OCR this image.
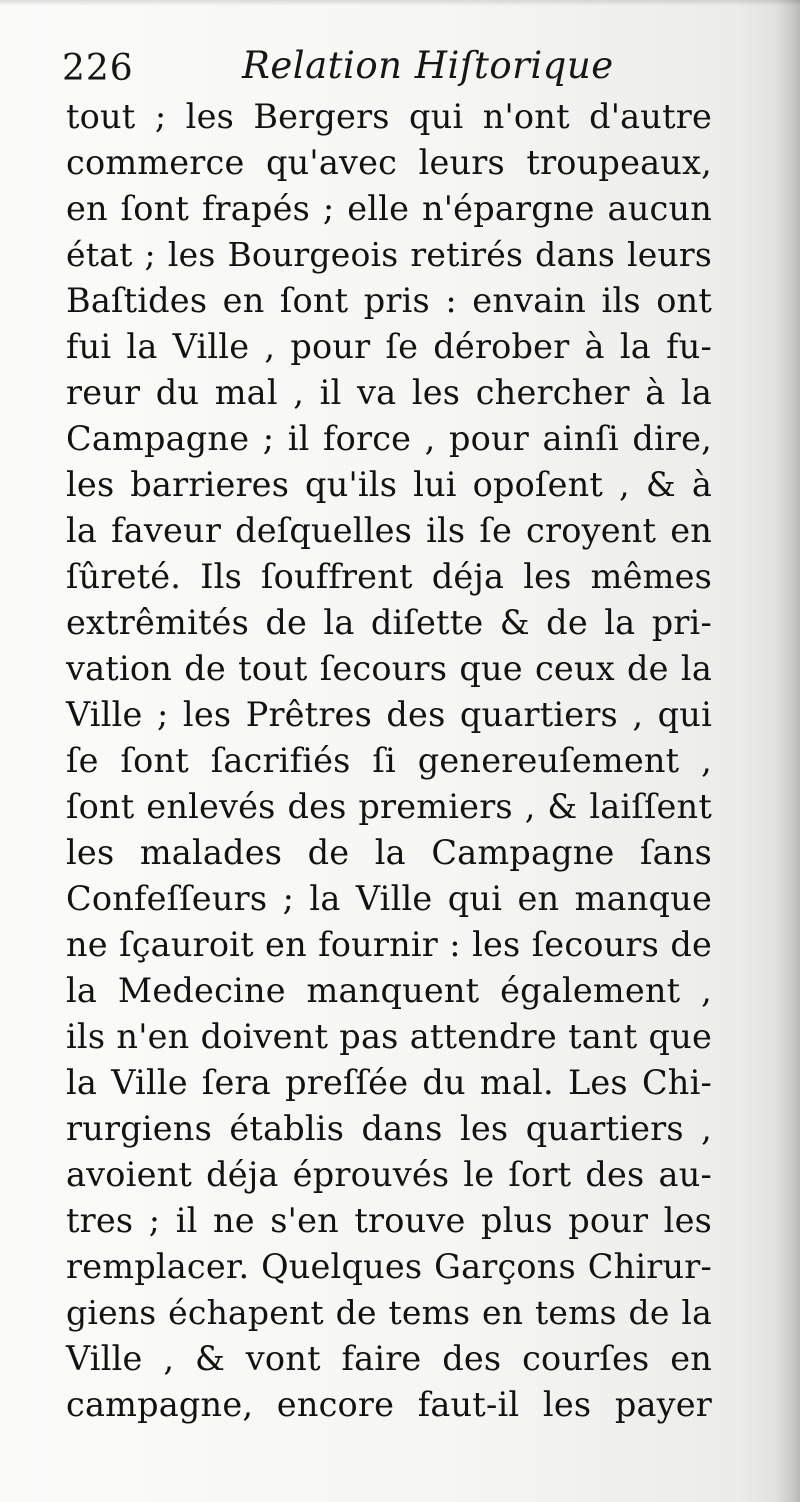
226	Relation Hiſtorique
tout ; les Bergers qui n'ont d'autre
commerce qu'avec leurs troupeaux,
en ſont frapés ; elle n'épargne aucun
état ; les Bourgeois retirés dans leurs
Baſtides en ſont pris : envain ils ont
fui la Ville , pour ſe dérober à la fu-
reur du mal , il va les chercher à la
Campagne ; il force , pour ainſi dire,
les barrieres qu'ils lui opoſent , & à
la faveur deſquelles ils ſe croyent en
ſûreté. Ils ſouffrent déja les mêmes
extrêmités de la diſette & de la pri-
vation de tout ſecours que ceux de la
Ville ; les Prêtres des quartiers , qui
ſe ſont ſacrifiés ſi genereuſement ,
ſont enlevés des premiers , & laiſſent
les malades de la Campagne ſans
Confeſſeurs ; la Ville qui en manque
ne ſçauroit en fournir : les ſecours de
la Medecine manquent également ,
ils n'en doivent pas attendre tant que
la Ville ſera preſſée du mal. Les Chi-
rurgiens établis dans les quartiers ,
avoient déja éprouvés le ſort des au-
tres ; il ne s'en trouve plus pour les
remplacer. Quelques Garçons Chirur-
giens échapent de tems en tems de la
Ville , & vont faire des courſes en
campagne, encore faut-il les payer
